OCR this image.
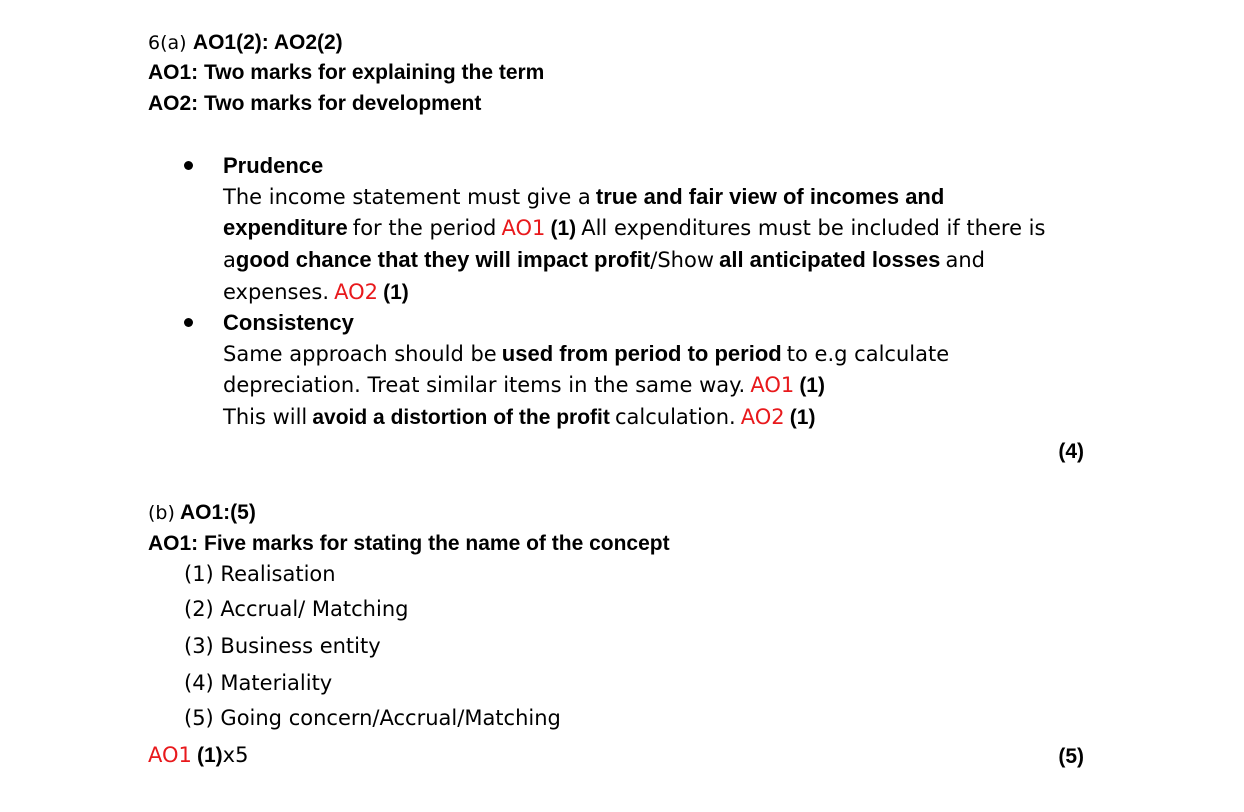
6(a) AO1(2): AO2(2)
AO1: Two marks for explaining the term
AO2: Two marks for development
Prudence
The income statement must give a true and fair view of incomes and
expenditure for the period AO1 (1) All expenditures must be included if there is
agood chance that they will impact profit/Show all anticipated losses and
expenses. AO2 (1)
Consistency
Same approach should be used from period to period to e.g calculate
depreciation. Treat similar items in the same way. AO1 (1)
This will avoid a distortion of the profit calculation. AO2 (1)
(4)
(b) AO1:(5)
AO1: Five marks for stating the name of the concept
(1) Realisation
(2) Accrual/ Matching
(3) Business entity
(4) Materiality
(5) Going concern/Accrual/Matching
AO1 (1)x5	(5)
